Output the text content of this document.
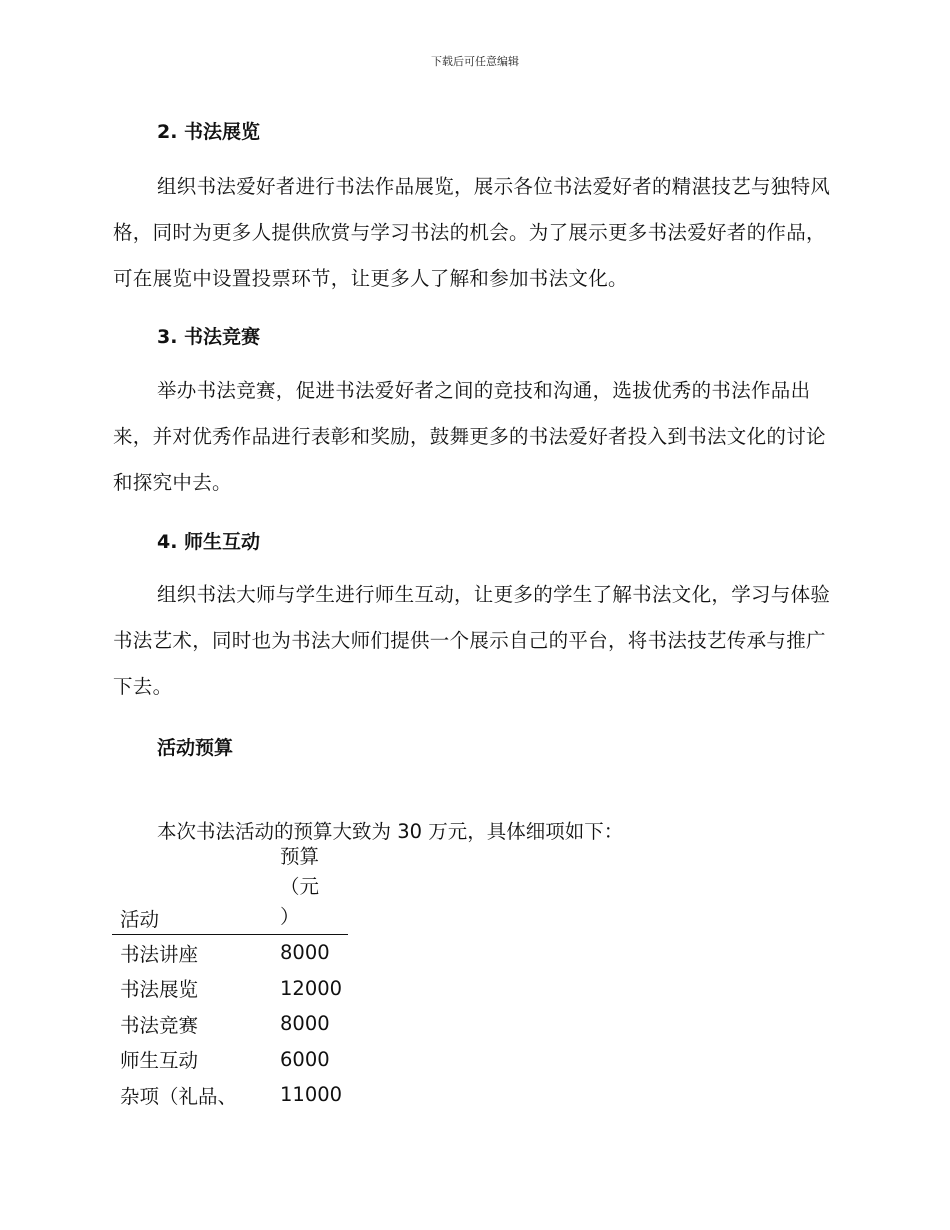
下载后可任意编辑
2. 书法展览
组织书法爱好者进行书法作品展览，展示各位书法爱好者的精湛技艺与独特风格，同时为更多人提供欣赏与学习书法的机会。为了展示更多书法爱好者的作品，可在展览中设置投票环节，让更多人了解和参加书法文化。
3. 书法竞赛
举办书法竞赛，促进书法爱好者之间的竞技和沟通，选拔优秀的书法作品出来，并对优秀作品进行表彰和奖励，鼓舞更多的书法爱好者投入到书法文化的讨论和探究中去。
4. 师生互动
组织书法大师与学生进行师生互动，让更多的学生了解书法文化，学习与体验书法艺术，同时也为书法大师们提供一个展示自己的平台，将书法技艺传承与推广下去。
活动预算
本次书法活动的预算大致为 30 万元，具体细项如下：
活动	预算
（元
）

书法讲座	8000
书法展览	12000
书法竞赛	8000
师生互动	6000
杂项（礼品、	11000
